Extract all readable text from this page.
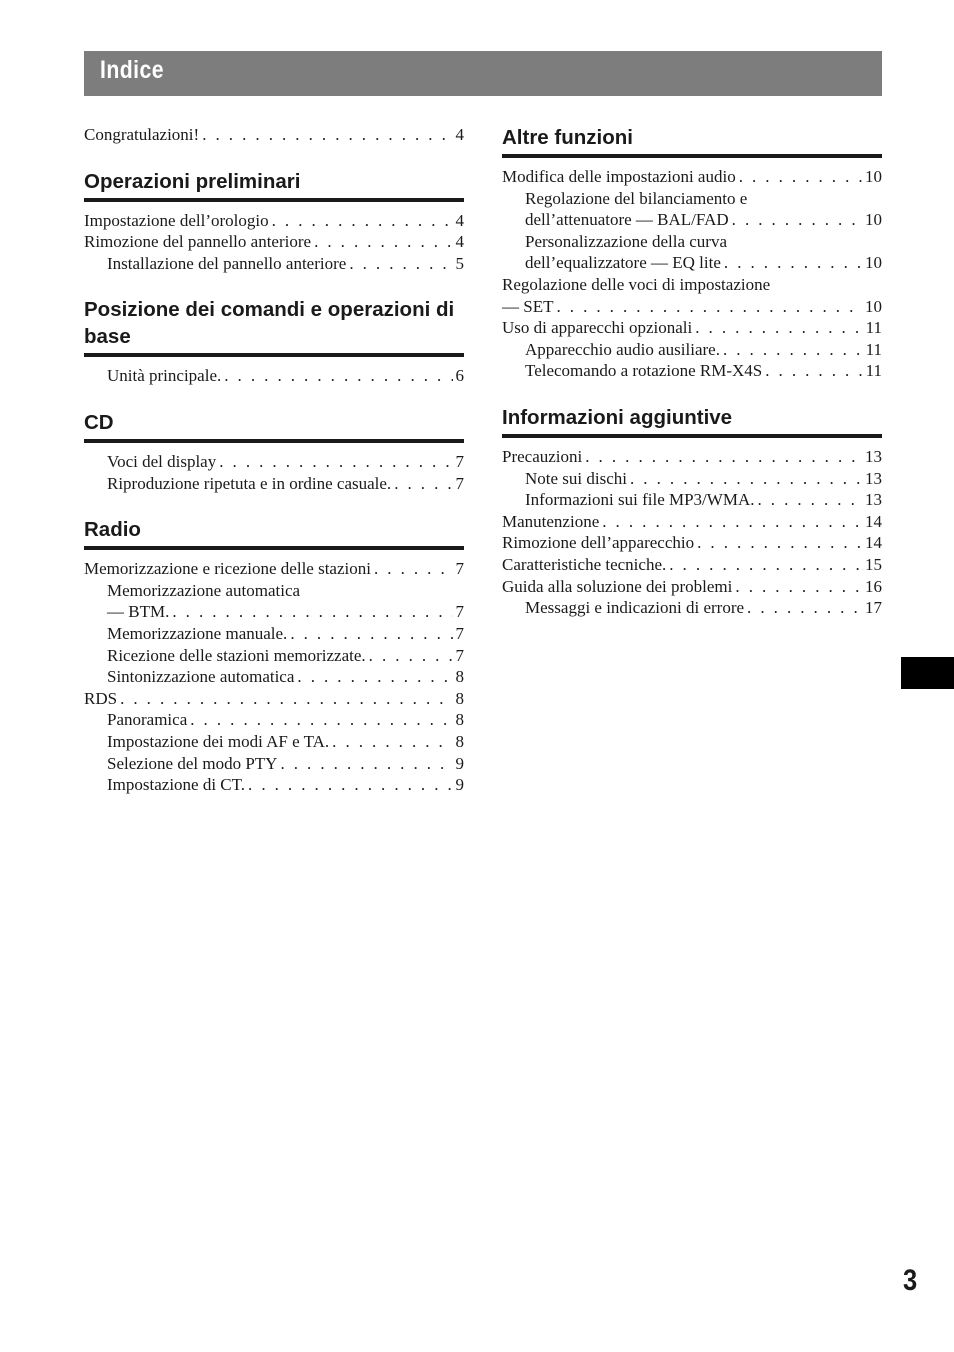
Indice
Congratulazioni! . . .	4
Operazioni preliminari
Impostazione dell’orologio . . .	4
Rimozione del pannello anteriore . . .	4
Installazione del pannello anteriore . . .	5
Posizione dei comandi e operazioni di base
Unità principale. . . .	6
CD
Voci del display . . .	7
Riproduzione ripetuta e in ordine casuale. . . .	7
Radio
Memorizzazione e ricezione delle stazioni . . .	7
Memorizzazione automatica
— BTM. . . .	7
Memorizzazione manuale. . . .	7
Ricezione delle stazioni memorizzate. . . .	7
Sintonizzazione automatica . . .	8
RDS . . .	8
Panoramica . . .	8
Impostazione dei modi AF e TA. . . .	8
Selezione del modo PTY . . .	9
Impostazione di CT. . . .	9
Altre funzioni
Modifica delle impostazioni audio . . .	10
Regolazione del bilanciamento e
dell’attenuatore — BAL/FAD . . .	10
Personalizzazione della curva
dell’equalizzatore — EQ lite . . .	10
Regolazione delle voci di impostazione
— SET . . .	10
Uso di apparecchi opzionali . . .	11
Apparecchio audio ausiliare. . . .	11
Telecomando a rotazione RM-X4S . . .	11
Informazioni aggiuntive
Precauzioni . . .	13
Note sui dischi . . .	13
Informazioni sui file MP3/WMA. . . .	13
Manutenzione . . .	14
Rimozione dell’apparecchio . . .	14
Caratteristiche tecniche. . . .	15
Guida alla soluzione dei problemi . . .	16
Messaggi e indicazioni di errore . . .	17
3
